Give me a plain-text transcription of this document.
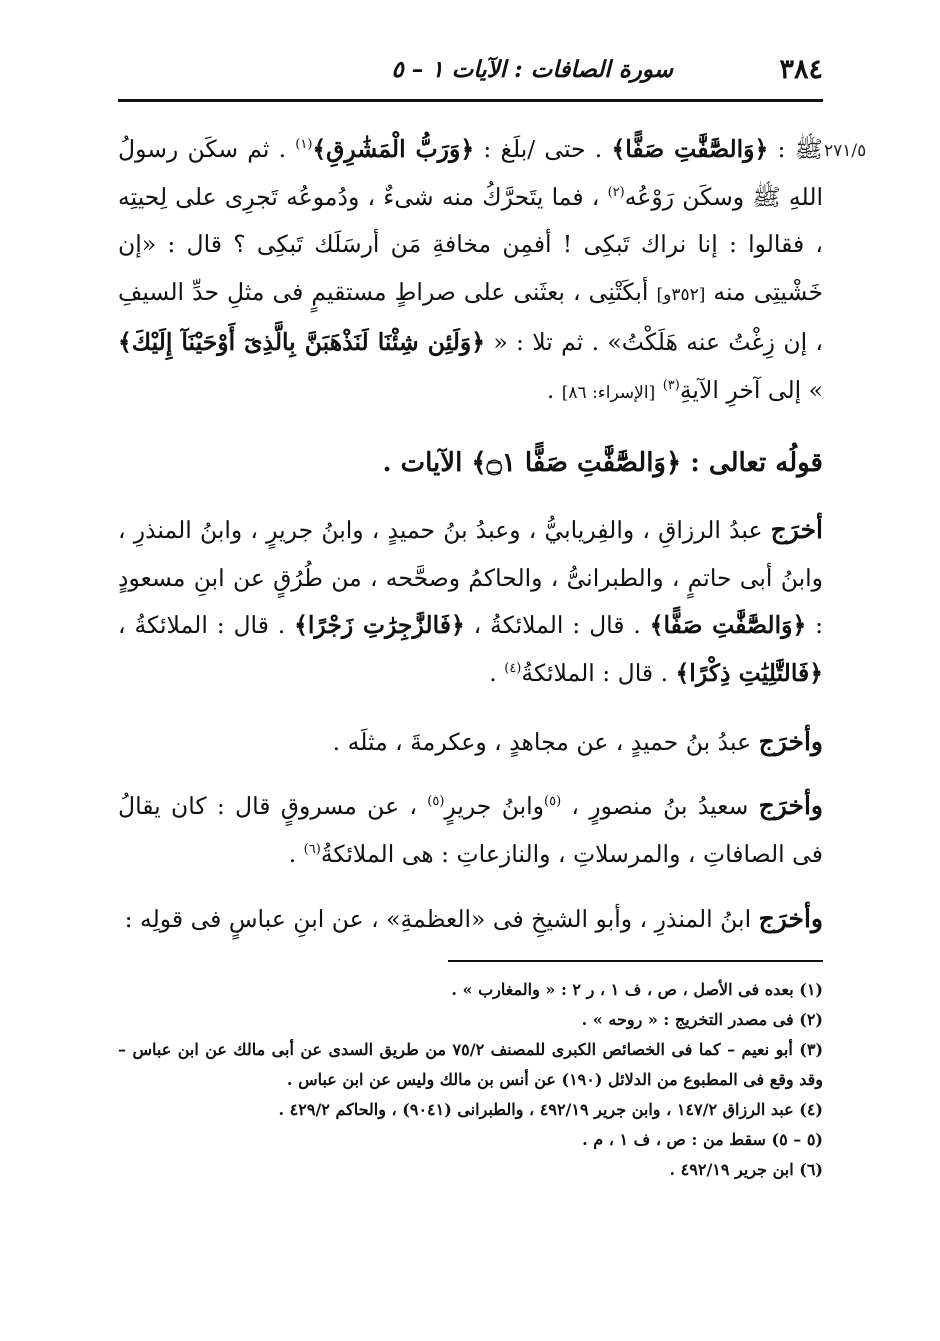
٣٨٤
سورة الصافات : الآيات ١ – ٥
٢٧١/٥
ﷺ : ﴿وَالصَّٰٓفَّٰتِ صَفًّا﴾ . حتى /بلَغ : ﴿وَرَبُّ الْمَشَٰرِقِ﴾$^{(١)}$ . ثم سكَن رسولُ اللهِ ﷺ وسكَن رَوْعُه$^{(٢)}$ ، فما يتَحرَّكُ منه شىءٌ ، ودُموعُه تَجرِى على لِحيتِه ، فقالوا : إنا نراك تَبكِى ! أفمِن مخافةِ مَن أرسَلَك تَبكِى ؟ قال : «إن خَشْيتِى منه [٣٥٢و] أبكَتْنِى ، بعثَنى على صراطٍ مستقيمٍ فى مثلِ حدِّ السيفِ ، إن زِغْتُ عنه هَلَكْتُ» . ثم تلا : « ﴿وَلَئِن شِئْنَا لَنَذْهَبَنَّ بِالَّذِىٓ أَوْحَيْنَآ إِلَيْكَ﴾ » إلى آخرِ الآيةِ$^{(٣)}$ [الإسراء: ٨٦] .
قولُه تعالى : ﴿وَالصَّٰٓفَّٰتِ صَفًّا ۝١﴾ الآيات .
أخرَج عبدُ الرزاقِ ، والفِريابيُّ ، وعبدُ بنُ حميدٍ ، وابنُ جريرٍ ، وابنُ المنذرِ ، وابنُ أبى حاتمٍ ، والطبرانىُّ ، والحاكمُ وصحَّحه ، من طُرُقٍ عن ابنِ مسعودٍ : ﴿وَالصَّٰٓفَّٰتِ صَفًّا﴾ . قال : الملائكةُ ، ﴿فَالزَّٰجِرَٰتِ زَجْرًا﴾ . قال : الملائكةُ ، ﴿فَالتَّٰلِيَٰتِ ذِكْرًا﴾ . قال : الملائكةُ$^{(٤)}$ .
وأخرَج عبدُ بنُ حميدٍ ، عن مجاهدٍ ، وعكرمةَ ، مثلَه .
وأخرَج سعيدُ بنُ منصورٍ ، $^{(٥)}$وابنُ جريرٍ$^{(٥)}$ ، عن مسروقٍ قال : كان يقالُ فى الصافاتِ ، والمرسلاتِ ، والنازعاتِ : هى الملائكةُ$^{(٦)}$ .
وأخرَج ابنُ المنذرِ ، وأبو الشيخِ فى «العظمةِ» ، عن ابنِ عباسٍ فى قولِه :

(١) بعده فى الأصل ، ص ، ف ١ ، ر ٢ : « والمغارب » .

(٢) فى مصدر التخريج : « روحه » .

(٣) أبو نعيم – كما فى الخصائص الكبرى للمصنف ٧٥/٢ من طريق السدى عن أبى مالك عن ابن عباس – وقد وقع فى المطبوع من الدلائل (١٩٠) عن أنس بن مالك وليس عن ابن عباس .

(٤) عبد الرزاق ١٤٧/٢ ، وابن جرير ٤٩٢/١٩ ، والطبرانى (٩٠٤١) ، والحاكم ٤٢٩/٢ .

(٥ – ٥) سقط من : ص ، ف ١ ، م .

(٦) ابن جرير ٤٩٢/١٩ .
